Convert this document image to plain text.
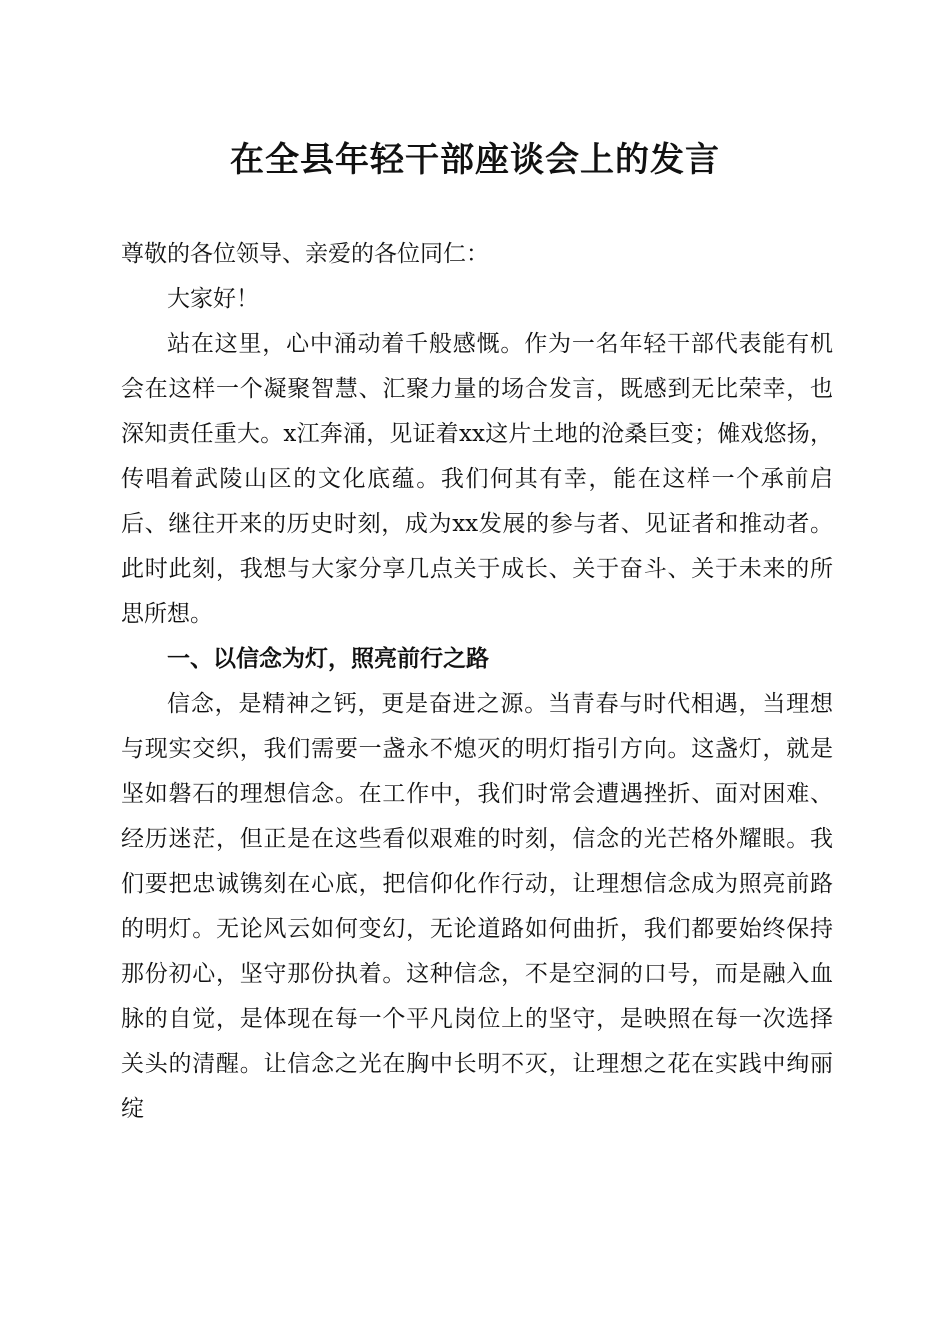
在全县年轻干部座谈会上的发言

尊敬的各位领导、亲爱的各位同仁：

大家好！

站在这里，心中涌动着千般感慨。作为一名年轻干部代表能有机会在这样一个凝聚智慧、汇聚力量的场合发言，既感到无比荣幸，也深知责任重大。x江奔涌，见证着xx这片土地的沧桑巨变；傩戏悠扬，传唱着武陵山区的文化底蕴。我们何其有幸，能在这样一个承前启后、继往开来的历史时刻，成为xx发展的参与者、见证者和推动者。此时此刻，我想与大家分享几点关于成长、关于奋斗、关于未来的所思所想。

一、以信念为灯，照亮前行之路

信念，是精神之钙，更是奋进之源。当青春与时代相遇，当理想与现实交织，我们需要一盏永不熄灭的明灯指引方向。这盏灯，就是坚如磐石的理想信念。在工作中，我们时常会遭遇挫折、面对困难、经历迷茫，但正是在这些看似艰难的时刻，信念的光芒格外耀眼。我们要把忠诚镌刻在心底，把信仰化作行动，让理想信念成为照亮前路的明灯。无论风云如何变幻，无论道路如何曲折，我们都要始终保持那份初心，坚守那份执着。这种信念，不是空洞的口号，而是融入血脉的自觉，是体现在每一个平凡岗位上的坚守，是映照在每一次选择关头的清醒。让信念之光在胸中长明不灭，让理想之花在实践中绚丽绽
